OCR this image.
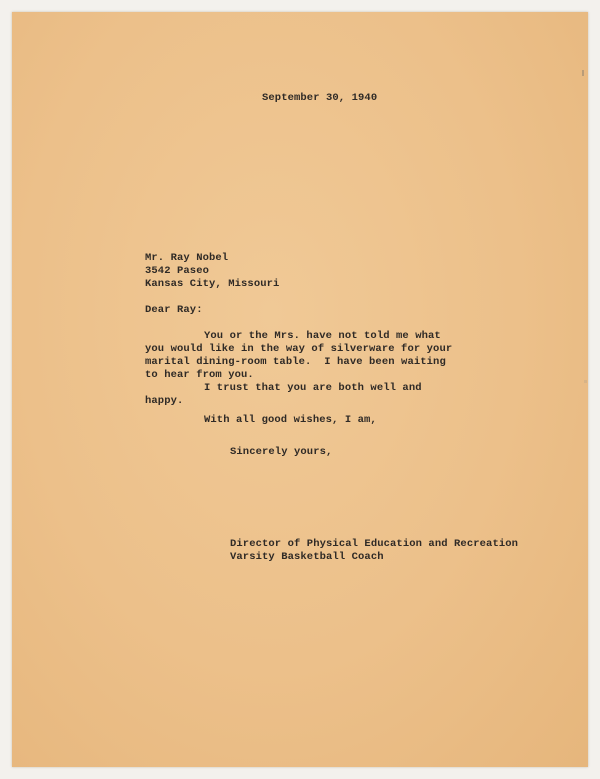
September 30, 1940

Mr. Ray Nobel

3542 Paseo

Kansas City, Missouri

Dear Ray:

You or the Mrs. have not told me what

you would like in the way of silverware for your

marital dining-room table.  I have been waiting

to hear from you.

I trust that you are both well and

happy.

With all good wishes, I am,

Sincerely yours,

Director of Physical Education and Recreation

Varsity Basketball Coach
